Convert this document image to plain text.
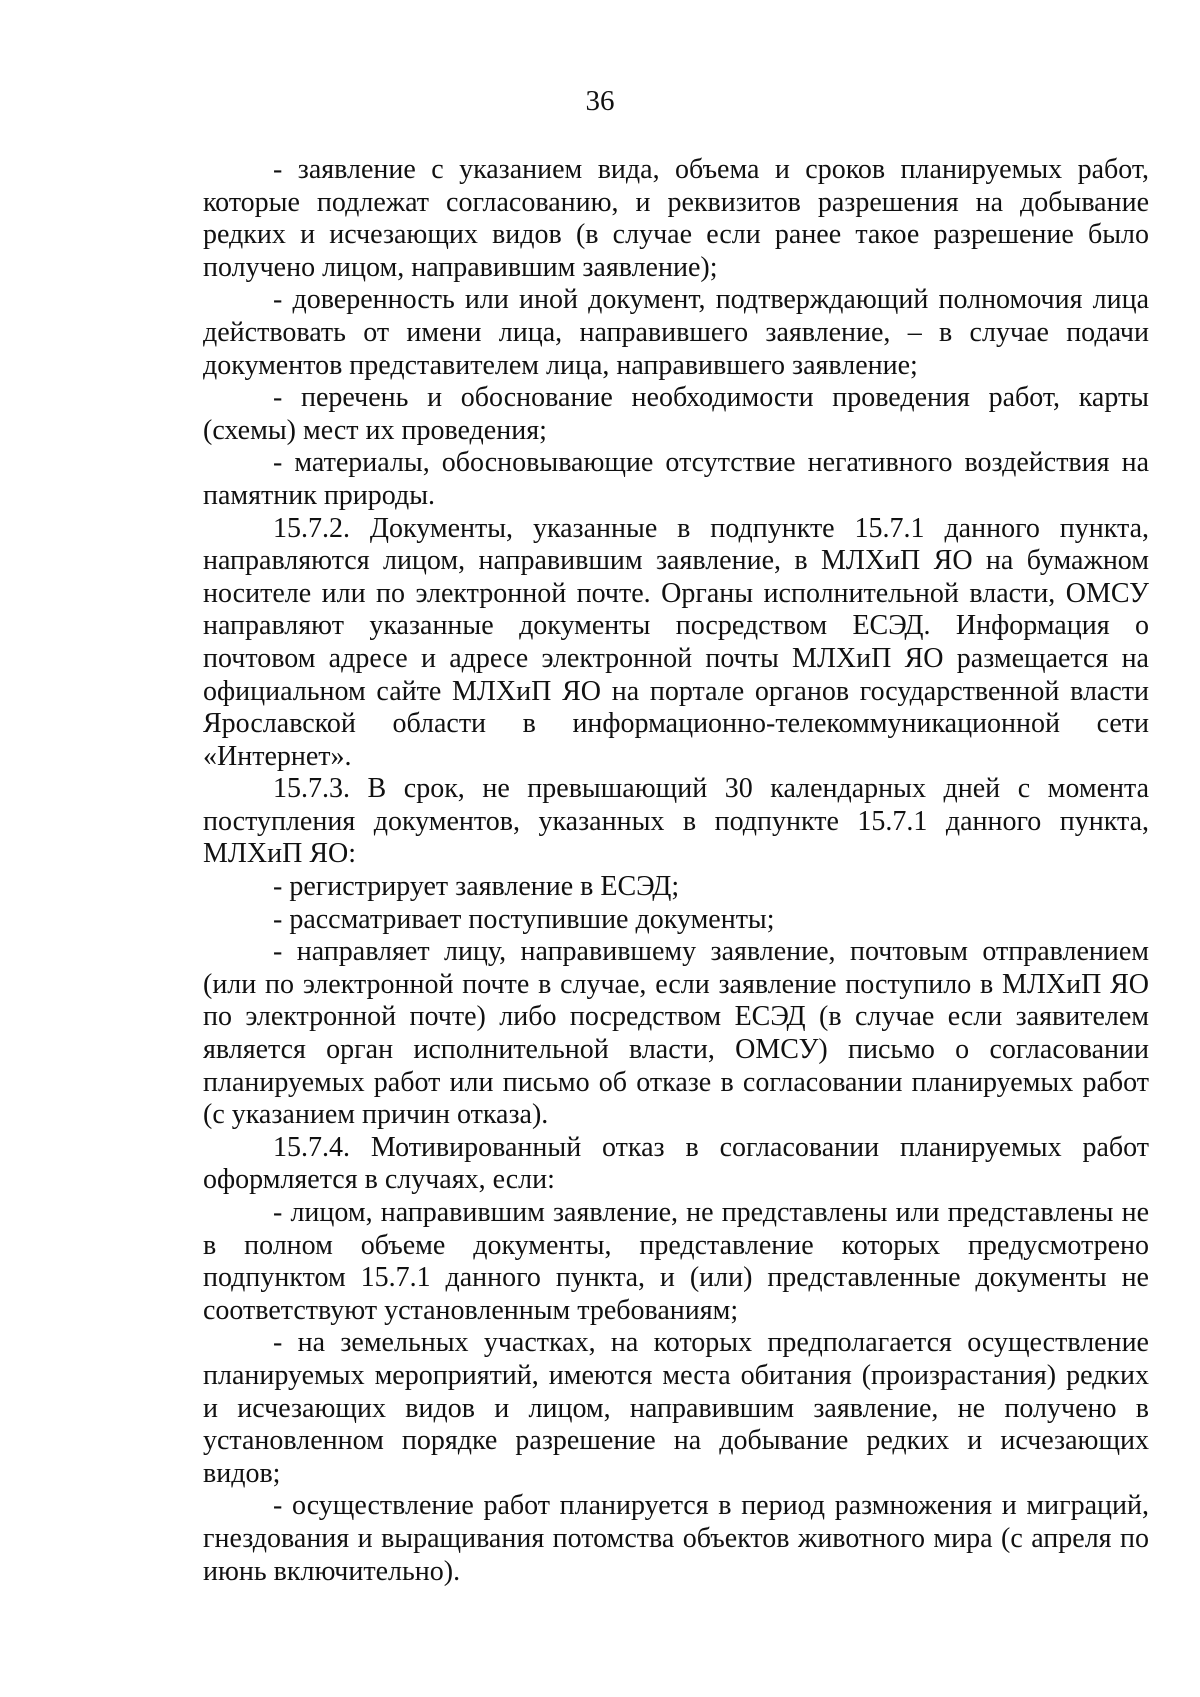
36

- заявление с указанием вида, объема и сроков планируемых работ, которые подлежат согласованию, и реквизитов разрешения на добывание редких и исчезающих видов (в случае если ранее такое разрешение было получено лицом, направившим заявление);

- доверенность или иной документ, подтверждающий полномочия лица действовать от имени лица, направившего заявление, – в случае подачи документов представителем лица, направившего заявление;

- перечень и обоснование необходимости проведения работ, карты (схемы) мест их проведения;

- материалы, обосновывающие отсутствие негативного воздействия на памятник природы.

15.7.2. Документы, указанные в подпункте 15.7.1 данного пункта, направляются лицом, направившим заявление, в МЛХиП ЯО на бумажном носителе или по электронной почте. Органы исполнительной власти, ОМСУ направляют указанные документы посредством ЕСЭД. Информация о почтовом адресе и адресе электронной почты МЛХиП ЯО размещается на официальном сайте МЛХиП ЯО на портале органов государственной власти Ярославской области в информационно-телекоммуникационной сети «Интернет».

15.7.3. В срок, не превышающий 30 календарных дней с момента поступления документов, указанных в подпункте 15.7.1 данного пункта, МЛХиП ЯО:

- регистрирует заявление в ЕСЭД;

- рассматривает поступившие документы;

- направляет лицу, направившему заявление, почтовым отправлением (или по электронной почте в случае, если заявление поступило в МЛХиП ЯО по электронной почте) либо посредством ЕСЭД (в случае если заявителем является орган исполнительной власти, ОМСУ) письмо о согласовании планируемых работ или письмо об отказе в согласовании планируемых работ (с указанием причин отказа).

15.7.4. Мотивированный отказ в согласовании планируемых работ оформляется в случаях, если:

- лицом, направившим заявление, не представлены или представлены не в полном объеме документы, представление которых предусмотрено подпунктом 15.7.1 данного пункта, и (или) представленные документы не соответствуют установленным требованиям;

- на земельных участках, на которых предполагается осуществление планируемых мероприятий, имеются места обитания (произрастания) редких и исчезающих видов и лицом, направившим заявление, не получено в установленном порядке разрешение на добывание редких и исчезающих видов;

- осуществление работ планируется в период размножения и миграций, гнездования и выращивания потомства объектов животного мира (с апреля по июнь включительно).
